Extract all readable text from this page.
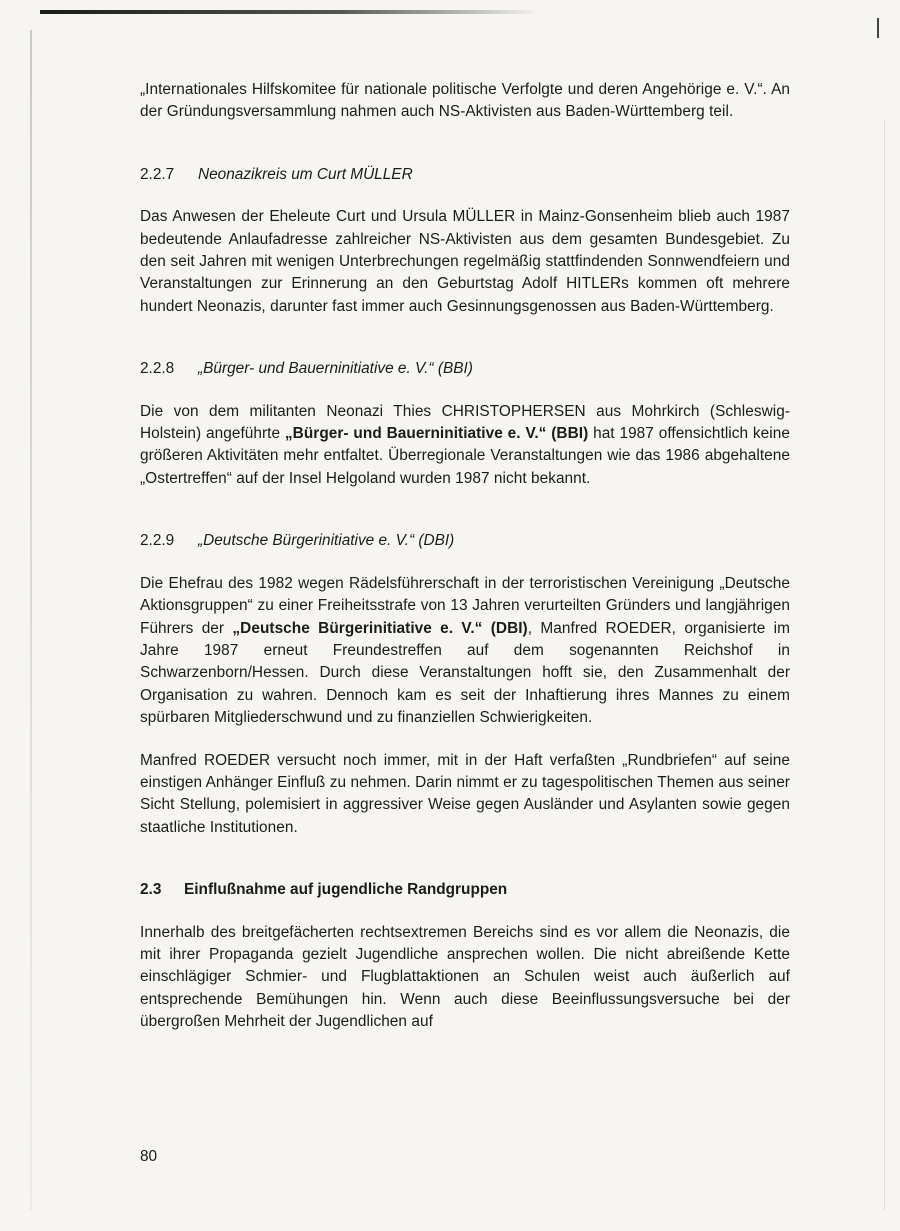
„Internationales Hilfskomitee für nationale politische Verfolgte und deren Angehörige e. V.“. An der Gründungsversammlung nahmen auch NS-Aktivisten aus Baden-Württemberg teil.

2.2.7 Neonazikreis um Curt MÜLLER

Das Anwesen der Eheleute Curt und Ursula MÜLLER in Mainz-Gonsenheim blieb auch 1987 bedeutende Anlaufadresse zahlreicher NS-Aktivisten aus dem gesamten Bundesgebiet. Zu den seit Jahren mit wenigen Unterbrechungen regelmäßig stattfindenden Sonnwendfeiern und Veranstaltungen zur Erinnerung an den Geburtstag Adolf HITLERs kommen oft mehrere hundert Neonazis, darunter fast immer auch Gesinnungsgenossen aus Baden-Württemberg.

2.2.8 „Bürger- und Bauerninitiative e. V.“ (BBI)

Die von dem militanten Neonazi Thies CHRISTOPHERSEN aus Mohrkirch (Schleswig-Holstein) angeführte „Bürger- und Bauerninitiative e. V.“ (BBI) hat 1987 offensichtlich keine größeren Aktivitäten mehr entfaltet. Überregionale Veranstaltungen wie das 1986 abgehaltene „Ostertreffen“ auf der Insel Helgoland wurden 1987 nicht bekannt.

2.2.9 „Deutsche Bürgerinitiative e. V.“ (DBI)

Die Ehefrau des 1982 wegen Rädelsführerschaft in der terroristischen Vereinigung „Deutsche Aktionsgruppen“ zu einer Freiheitsstrafe von 13 Jahren verurteilten Gründers und langjährigen Führers der „Deutsche Bürgerinitiative e. V.“ (DBI), Manfred ROEDER, organisierte im Jahre 1987 erneut Freundestreffen auf dem sogenannten Reichshof in Schwarzenborn/Hessen. Durch diese Veranstaltungen hofft sie, den Zusammenhalt der Organisation zu wahren. Dennoch kam es seit der Inhaftierung ihres Mannes zu einem spürbaren Mitgliederschwund und zu finanziellen Schwierigkeiten.

Manfred ROEDER versucht noch immer, mit in der Haft verfaßten „Rundbriefen“ auf seine einstigen Anhänger Einfluß zu nehmen. Darin nimmt er zu tagespolitischen Themen aus seiner Sicht Stellung, polemisiert in aggressiver Weise gegen Ausländer und Asylanten sowie gegen staatliche Institutionen.

2.3 Einflußnahme auf jugendliche Randgruppen

Innerhalb des breitgefächerten rechtsextremen Bereichs sind es vor allem die Neonazis, die mit ihrer Propaganda gezielt Jugendliche ansprechen wollen. Die nicht abreißende Kette einschlägiger Schmier- und Flugblattaktionen an Schulen weist auch äußerlich auf entsprechende Bemühungen hin. Wenn auch diese Beeinflussungsversuche bei der übergroßen Mehrheit der Jugendlichen auf

80
